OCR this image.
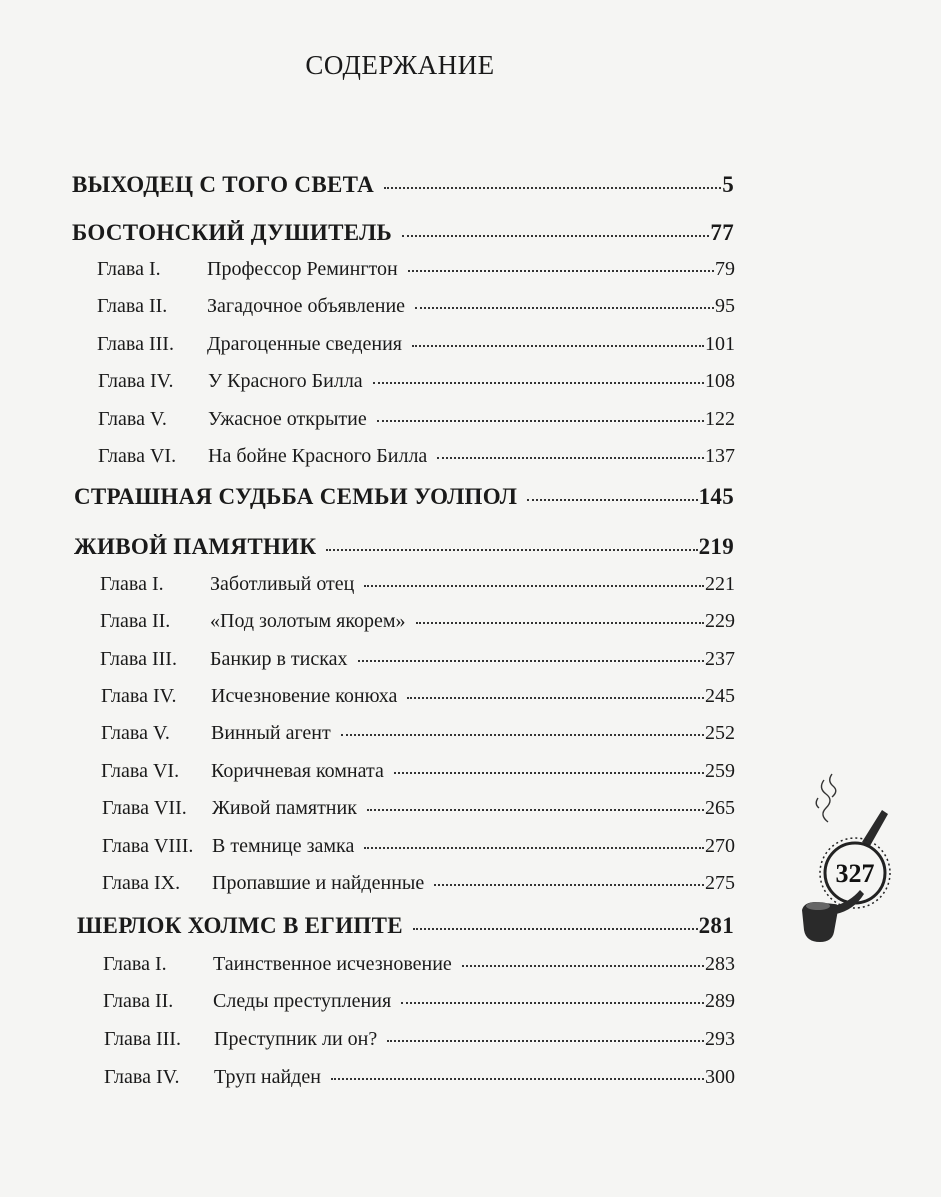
СОДЕРЖАНИЕ
ВЫХОДЕЦ С ТОГО СВЕТА	5
БОСТОНСКИЙ ДУШИТЕЛЬ	77
Глава I.	Профессор Ремингтон	79
Глава II.	Загадочное объявление	95
Глава III.	Драгоценные сведения	101
Глава IV.	У Красного Билла	108
Глава V.	Ужасное открытие	122
Глава VI.	На бойне Красного Билла	137
СТРАШНАЯ СУДЬБА СЕМЬИ УОЛПОЛ	145
ЖИВОЙ ПАМЯТНИК	219
Глава I.	Заботливый отец	221
Глава II.	«Под золотым якорем»	229
Глава III.	Банкир в тисках	237
Глава IV.	Исчезновение конюха	245
Глава V.	Винный агент	252
Глава VI.	Коричневая комната	259
Глава VII.	Живой памятник	265
Глава VIII. В темнице замка	270
Глава IX.	Пропавшие и найденные	275
ШЕРЛОК ХОЛМС В ЕГИПТЕ	281
Глава I.	Таинственное исчезновение	283
Глава II.	Следы преступления	289
Глава III.	Преступник ли он?	293
Глава IV.	Труп найден	300
327
